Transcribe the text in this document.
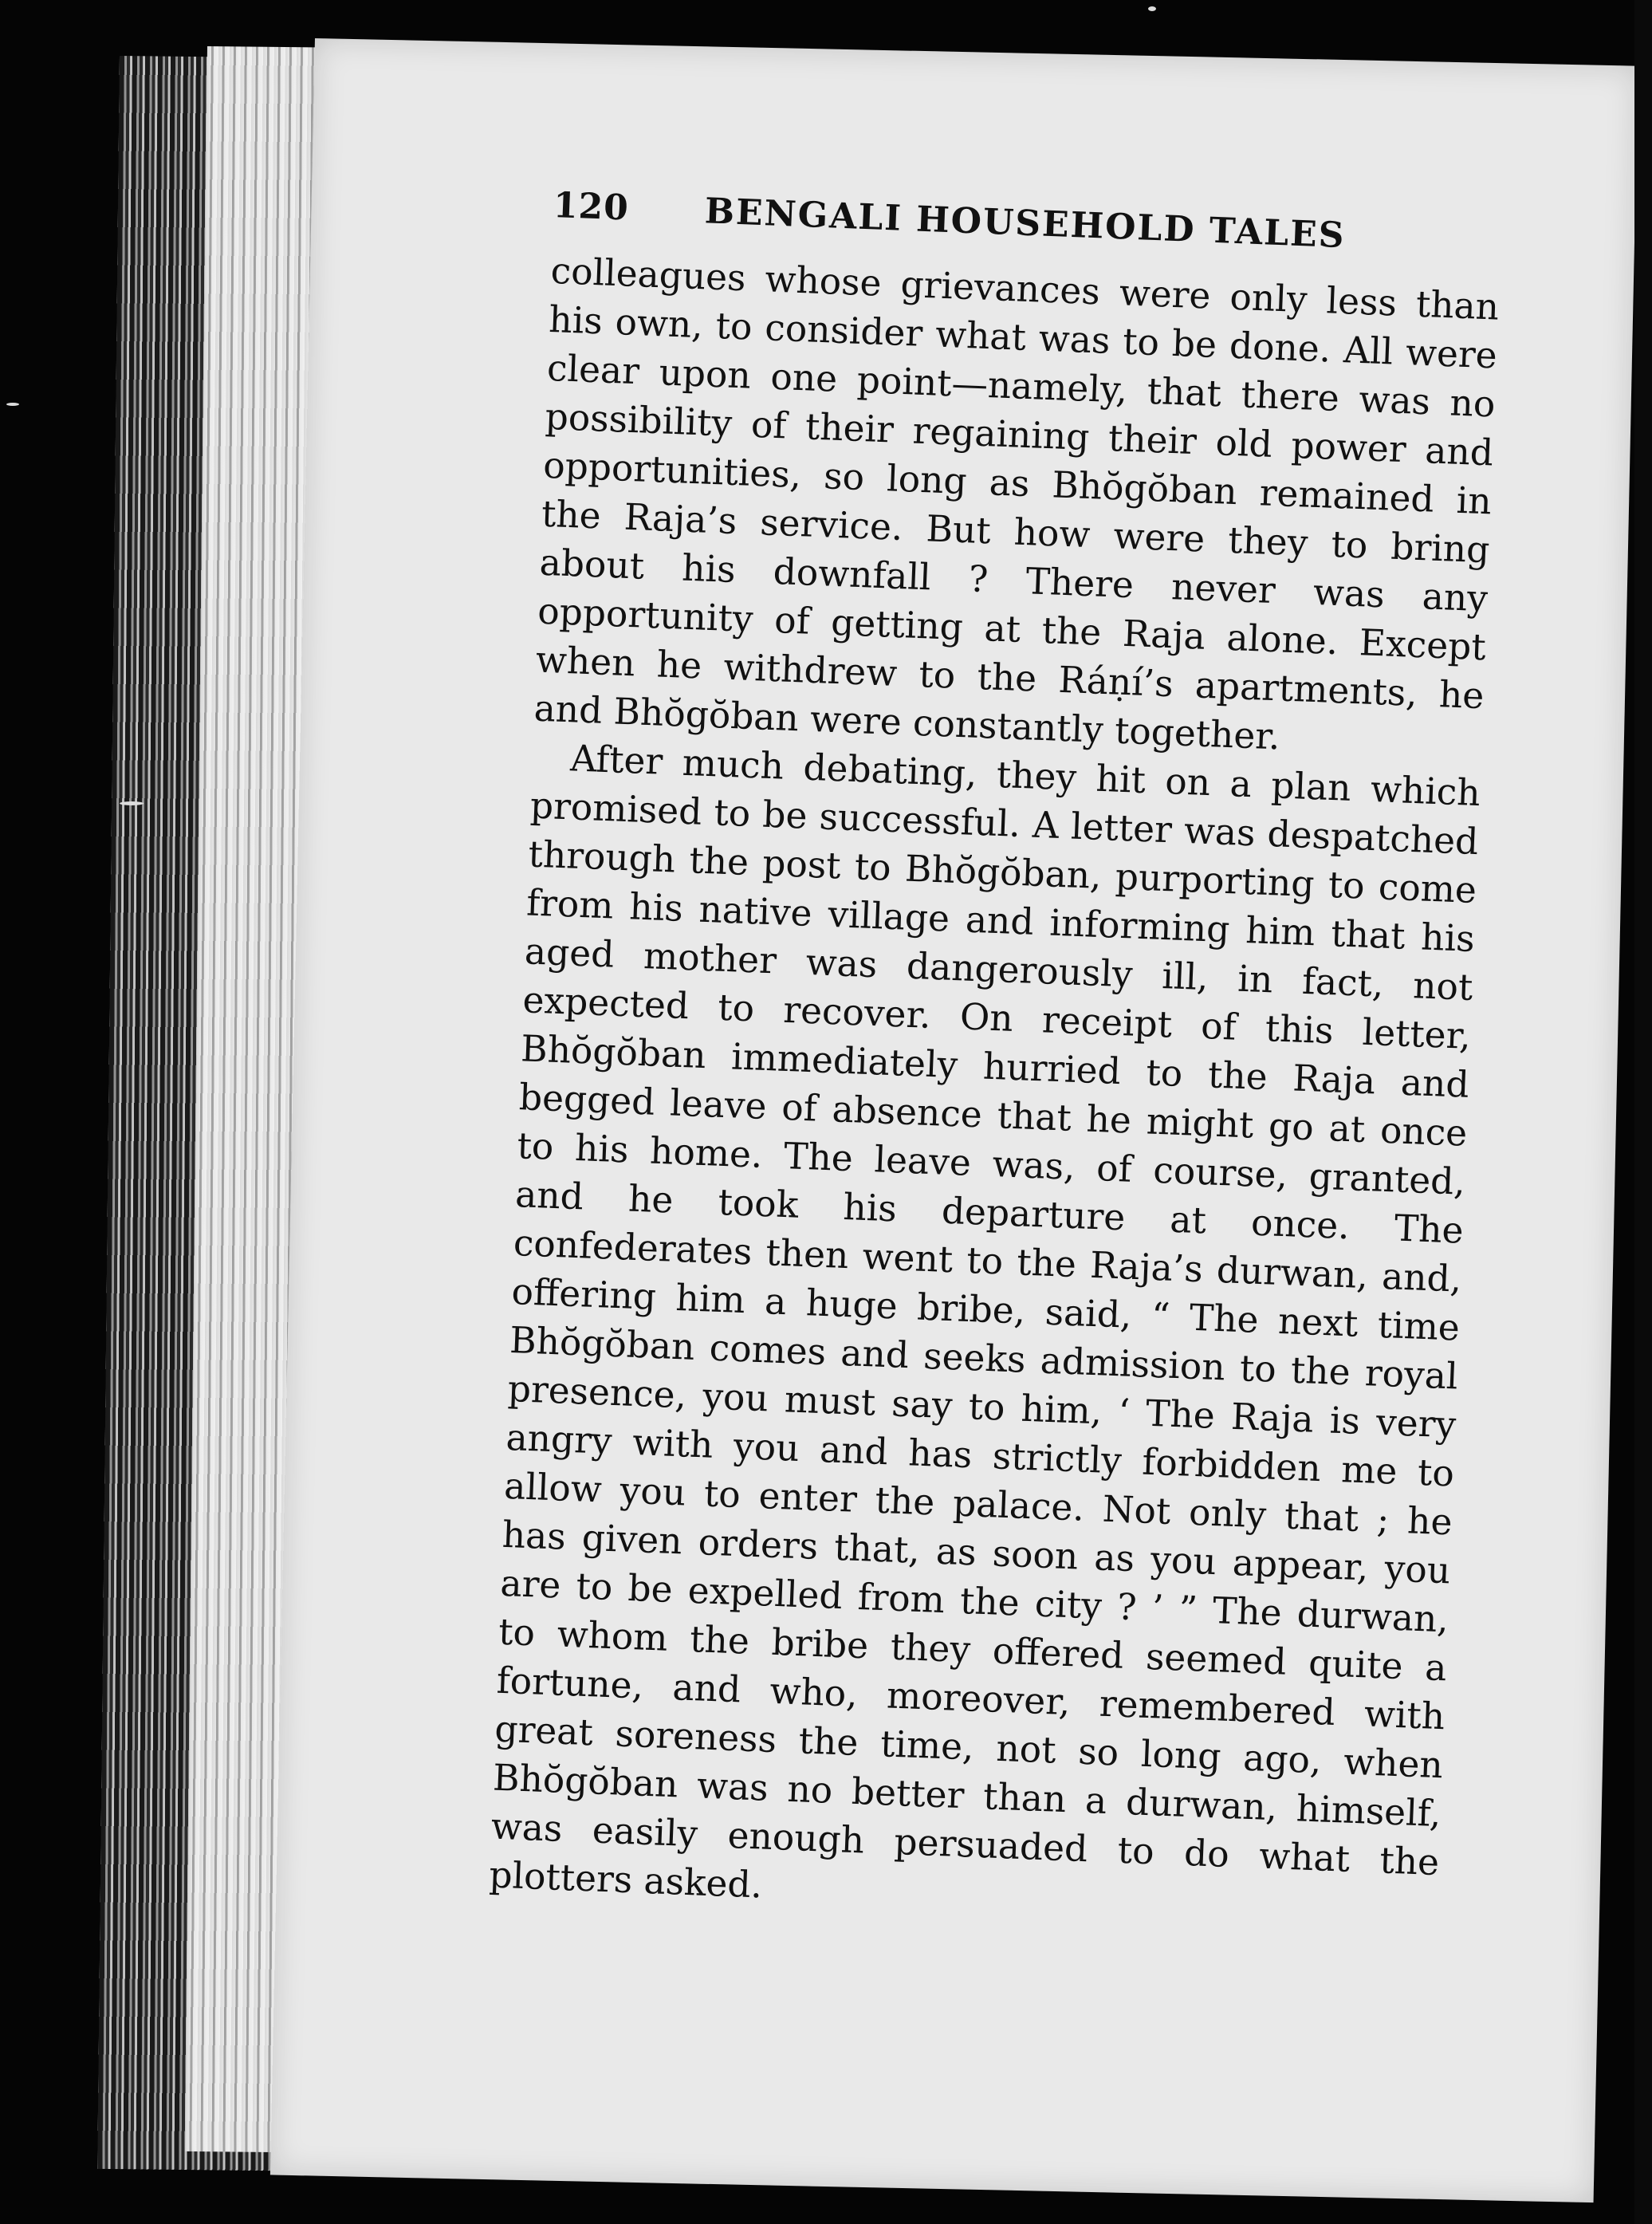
120	BENGALI HOUSEHOLD TALES

colleagues whose grievances were only less than his own, to consider what was to be done. All were clear upon one point—namely, that there was no possibility of their regaining their old power and opportunities, so long as Bhŏgŏban remained in the Raja’s service. But how were they to bring about his downfall ? There never was any opportunity of getting at the Raja alone. Except when he withdrew to the Ráṇí’s apartments, he and Bhŏgŏban were constantly together.

After much debating, they hit on a plan which promised to be successful. A letter was despatched through the post to Bhŏgŏban, purporting to come from his native village and informing him that his aged mother was dangerously ill, in fact, not expected to recover. On receipt of this letter, Bhŏgŏban immediately hurried to the Raja and begged leave of absence that he might go at once to his home. The leave was, of course, granted, and he took his departure at once. The confederates then went to the Raja’s durwan, and, offering him a huge bribe, said, “ The next time Bhŏgŏban comes and seeks admission to the royal presence, you must say to him, ‘ The Raja is very angry with you and has strictly forbidden me to allow you to enter the palace. Not only that ; he has given orders that, as soon as you appear, you are to be expelled from the city ? ’ ” The durwan, to whom the bribe they offered seemed quite a fortune, and who, moreover, remembered with great soreness the time, not so long ago, when Bhŏgŏban was no better than a durwan, himself, was easily enough persuaded to do what the plotters asked.
